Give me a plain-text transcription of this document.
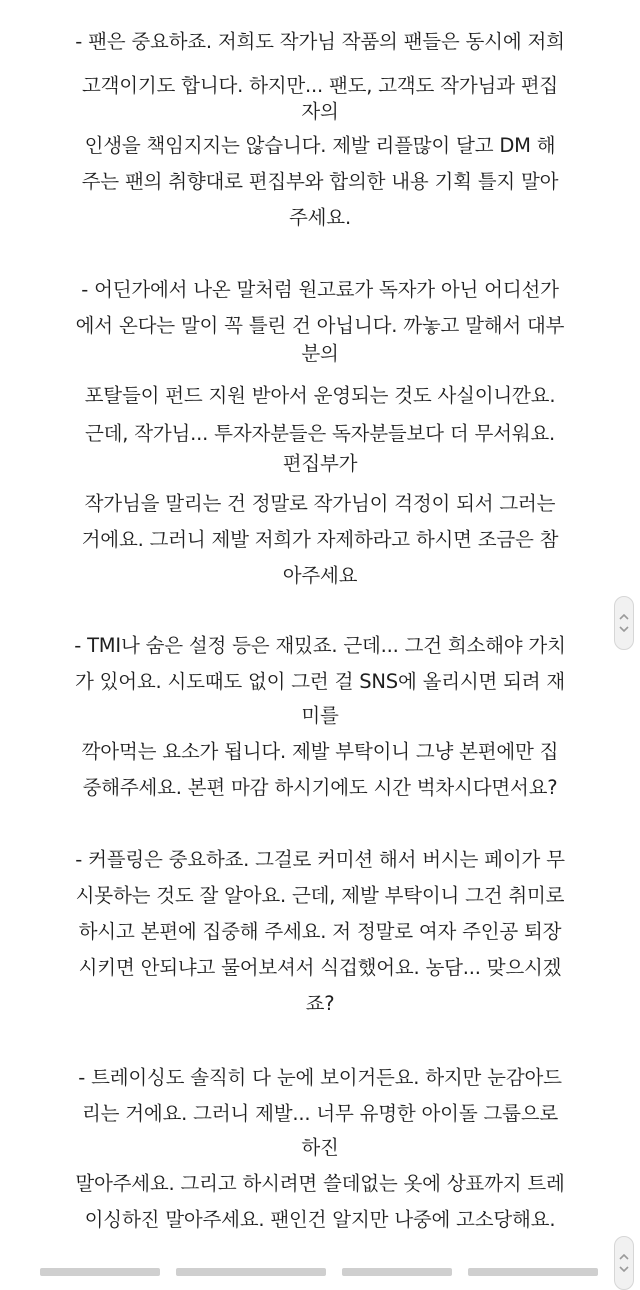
- 팬은 중요하죠. 저희도 작가님 작품의 팬들은 동시에 저희
고객이기도 합니다. 하지만... 팬도, 고객도 작가님과 편집
자의
인생을 책임지지는 않습니다. 제발 리플많이 달고 DM 해
주는 팬의 취향대로 편집부와 합의한 내용 기획 틀지 말아
주세요.
- 어딘가에서 나온 말처럼 원고료가 독자가 아닌 어디선가
에서 온다는 말이 꼭 틀린 건 아닙니다. 까놓고 말해서 대부
분의
포탈들이 펀드 지원 받아서 운영되는 것도 사실이니깐요.
근데, 작가님... 투자자분들은 독자분들보다 더 무서워요.
편집부가
작가님을 말리는 건 정말로 작가님이 걱정이 되서 그러는
거에요. 그러니 제발 저희가 자제하라고 하시면 조금은 참
아주세요
- TMI나 숨은 설정 등은 재밌죠. 근데... 그건 희소해야 가치
가 있어요. 시도때도 없이 그런 걸 SNS에 올리시면 되려 재
미를
깍아먹는 요소가 됩니다. 제발 부탁이니 그냥 본편에만 집
중해주세요. 본편 마감 하시기에도 시간 벅차시다면서요?
- 커플링은 중요하죠. 그걸로 커미션 해서 버시는 페이가 무
시못하는 것도 잘 알아요. 근데, 제발 부탁이니 그건 취미로
하시고 본편에 집중해 주세요. 저 정말로 여자 주인공 퇴장
시키면 안되냐고 물어보셔서 식겁했어요. 농담... 맞으시겠
죠?
- 트레이싱도 솔직히 다 눈에 보이거든요. 하지만 눈감아드
리는 거에요. 그러니 제발... 너무 유명한 아이돌 그룹으로
하진
말아주세요. 그리고 하시려면 쓸데없는 옷에 상표까지 트레
이싱하진 말아주세요. 팬인건 알지만 나중에 고소당해요.
